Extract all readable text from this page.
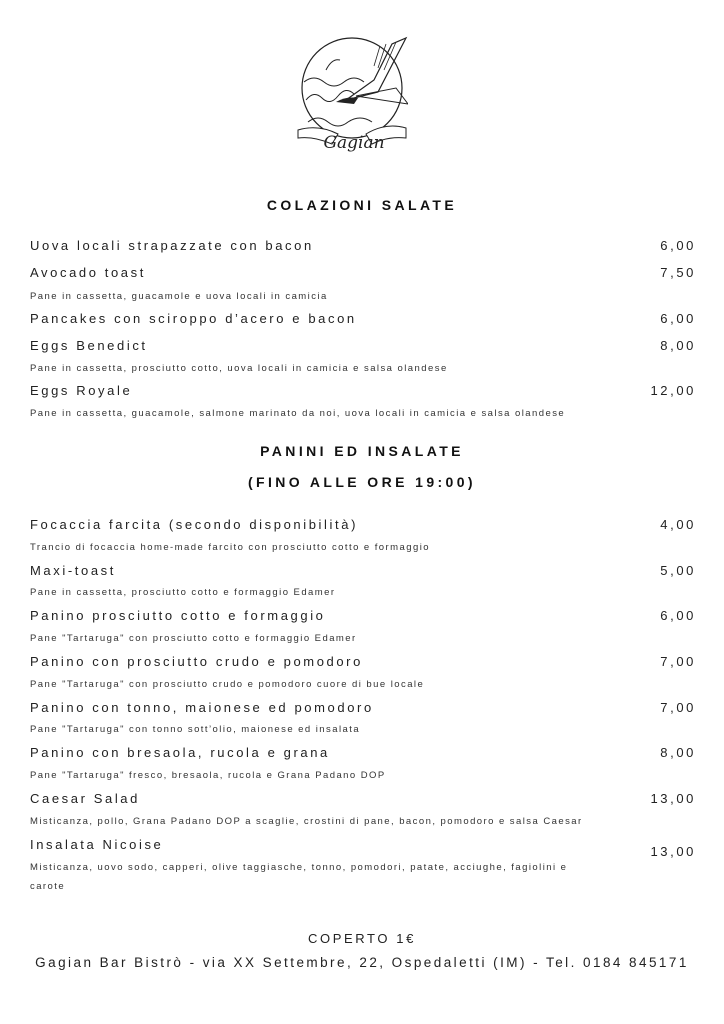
Gagian
COLAZIONI SALATE
Uova locali strapazzate con bacon	6,00
Avocado toast	7,50
Pane in cassetta, guacamole e uova locali in camicia
Pancakes con sciroppo d’acero e bacon	6,00
Eggs Benedict	8,00
Pane in cassetta, prosciutto cotto, uova locali in camicia e salsa olandese
Eggs Royale	12,00
Pane in cassetta, guacamole, salmone marinato da noi, uova locali in camicia e salsa olandese
PANINI ED INSALATE
(FINO ALLE ORE 19:00)
Focaccia farcita (secondo disponibilità)	4,00
Trancio di focaccia home-made farcito con prosciutto cotto e formaggio
Maxi-toast	5,00
Pane in cassetta, prosciutto cotto e formaggio Edamer
Panino prosciutto cotto e formaggio	6,00
Pane "Tartaruga" con prosciutto cotto e formaggio Edamer
Panino con prosciutto crudo e pomodoro	7,00
Pane "Tartaruga" con prosciutto crudo e pomodoro cuore di bue locale
Panino con tonno, maionese ed pomodoro	7,00
Pane "Tartaruga" con tonno sott’olio, maionese ed insalata
Panino con bresaola, rucola e grana	8,00
Pane "Tartaruga" fresco, bresaola, rucola e Grana Padano DOP
Caesar Salad	13,00
Misticanza, pollo, Grana Padano DOP a scaglie, crostini di pane, bacon, pomodoro e salsa Caesar
Insalata Nicoise	13,00
Misticanza, uovo sodo, capperi, olive taggiasche, tonno, pomodori, patate, acciughe, fagiolini e
carote
COPERTO 1€
Gagian Bar Bistrò - via XX Settembre, 22, Ospedaletti (IM) - Tel. 0184 845171
